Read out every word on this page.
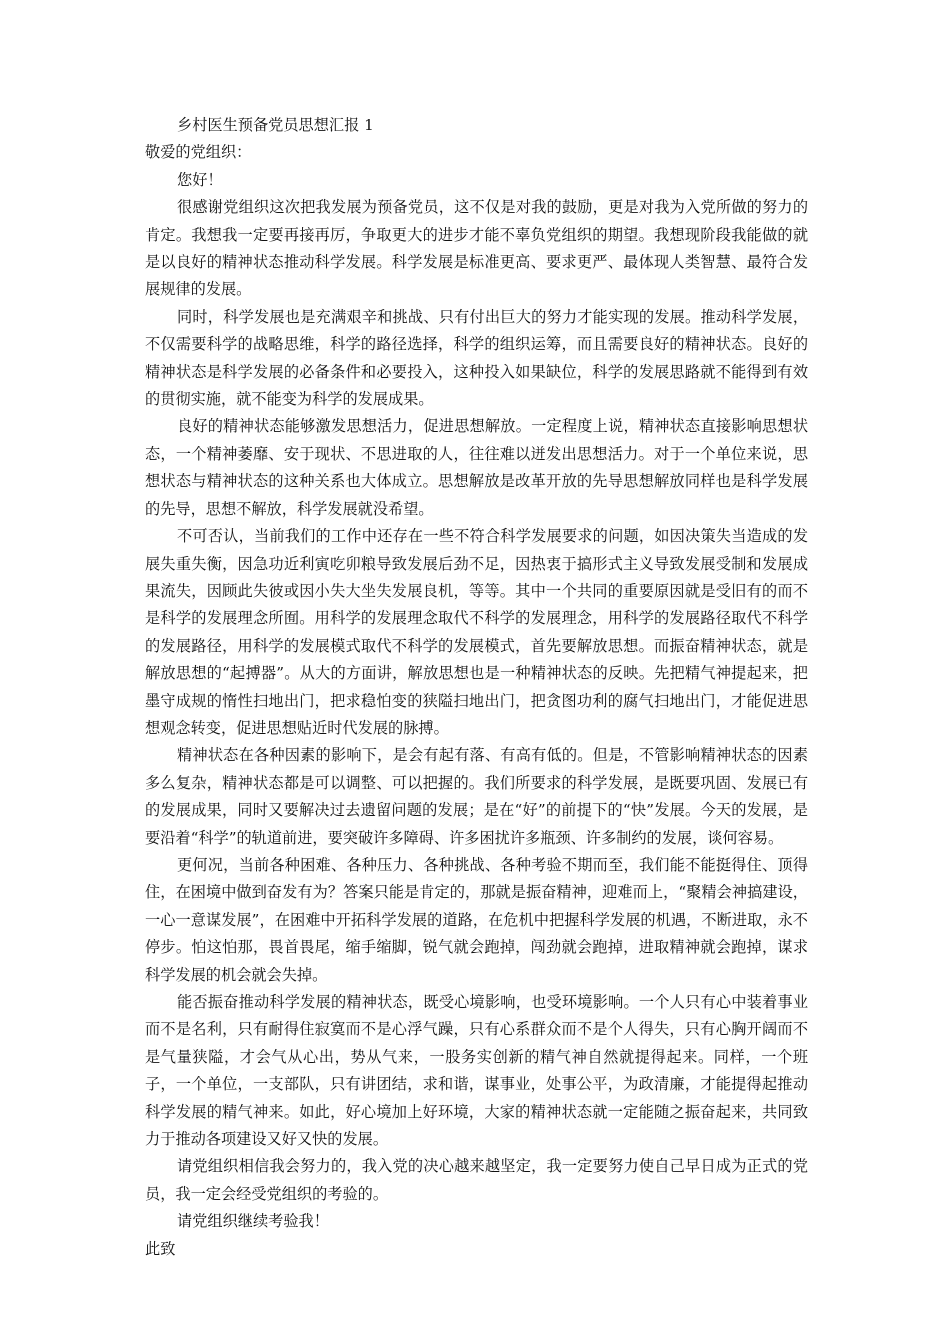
乡村医生预备党员思想汇报 1

敬爱的党组织：

您好！

很感谢党组织这次把我发展为预备党员，这不仅是对我的鼓励，更是对我为入党所做的努力的肯定。我想我一定要再接再厉，争取更大的进步才能不辜负党组织的期望。我想现阶段我能做的就是以良好的精神状态推动科学发展。科学发展是标准更高、要求更严、最体现人类智慧、最符合发展规律的发展。

同时，科学发展也是充满艰辛和挑战、只有付出巨大的努力才能实现的发展。推动科学发展，不仅需要科学的战略思维，科学的路径选择，科学的组织运筹，而且需要良好的精神状态。良好的精神状态是科学发展的必备条件和必要投入，这种投入如果缺位，科学的发展思路就不能得到有效的贯彻实施，就不能变为科学的发展成果。

良好的精神状态能够激发思想活力，促进思想解放。一定程度上说，精神状态直接影响思想状态，一个精神萎靡、安于现状、不思进取的人，往往难以迸发出思想活力。对于一个单位来说，思想状态与精神状态的这种关系也大体成立。思想解放是改革开放的先导思想解放同样也是科学发展的先导，思想不解放，科学发展就没希望。

不可否认，当前我们的工作中还存在一些不符合科学发展要求的问题，如因决策失当造成的发展失重失衡，因急功近利寅吃卯粮导致发展后劲不足，因热衷于搞形式主义导致发展受制和发展成果流失，因顾此失彼或因小失大坐失发展良机，等等。其中一个共同的重要原因就是受旧有的而不是科学的发展理念所囿。用科学的发展理念取代不科学的发展理念，用科学的发展路径取代不科学的发展路径，用科学的发展模式取代不科学的发展模式，首先要解放思想。而振奋精神状态，就是解放思想的“起搏器”。从大的方面讲，解放思想也是一种精神状态的反映。先把精气神提起来，把墨守成规的惰性扫地出门，把求稳怕变的狭隘扫地出门，把贪图功利的腐气扫地出门，才能促进思想观念转变，促进思想贴近时代发展的脉搏。

精神状态在各种因素的影响下，是会有起有落、有高有低的。但是，不管影响精神状态的因素多么复杂，精神状态都是可以调整、可以把握的。我们所要求的科学发展，是既要巩固、发展已有的发展成果，同时又要解决过去遗留问题的发展；是在“好”的前提下的“快”发展。今天的发展，是要沿着“科学”的轨道前进，要突破许多障碍、许多困扰许多瓶颈、许多制约的发展，谈何容易。

更何况，当前各种困难、各种压力、各种挑战、各种考验不期而至，我们能不能挺得住、顶得住，在困境中做到奋发有为？答案只能是肯定的，那就是振奋精神，迎难而上，“聚精会神搞建设，一心一意谋发展”，在困难中开拓科学发展的道路，在危机中把握科学发展的机遇，不断进取，永不停步。怕这怕那，畏首畏尾，缩手缩脚，锐气就会跑掉，闯劲就会跑掉，进取精神就会跑掉，谋求科学发展的机会就会失掉。

能否振奋推动科学发展的精神状态，既受心境影响，也受环境影响。一个人只有心中装着事业而不是名利，只有耐得住寂寞而不是心浮气躁，只有心系群众而不是个人得失，只有心胸开阔而不是气量狭隘，才会气从心出，势从气来，一股务实创新的精气神自然就提得起来。同样，一个班子，一个单位，一支部队，只有讲团结，求和谐，谋事业，处事公平，为政清廉，才能提得起推动科学发展的精气神来。如此，好心境加上好环境，大家的精神状态就一定能随之振奋起来，共同致力于推动各项建设又好又快的发展。

请党组织相信我会努力的，我入党的决心越来越坚定，我一定要努力使自己早日成为正式的党员，我一定会经受党组织的考验的。

请党组织继续考验我！

此致
